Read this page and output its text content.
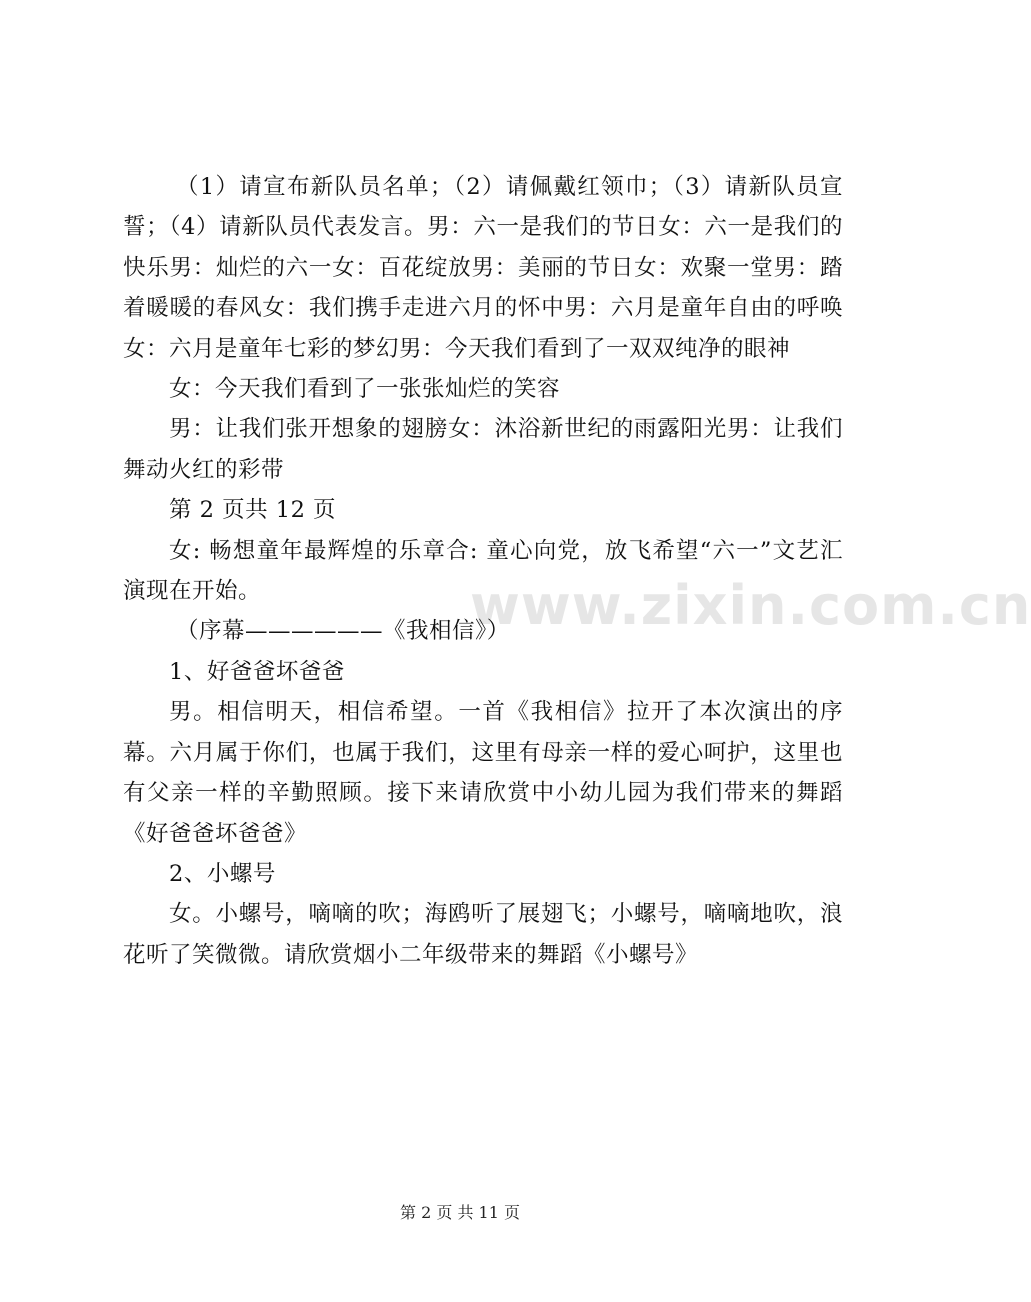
www.zixin.com.cn

（1）请宣布新队员名单；（2）请佩戴红领巾；（3）请新队员宣誓；（4）请新队员代表发言。男：六一是我们的节日女：六一是我们的快乐男：灿烂的六一女：百花绽放男：美丽的节日女：欢聚一堂男：踏着暖暖的春风女：我们携手走进六月的怀中男：六月是童年自由的呼唤女：六月是童年七彩的梦幻男：今天我们看到了一双双纯净的眼神

女：今天我们看到了一张张灿烂的笑容

男：让我们张开想象的翅膀女：沐浴新世纪的雨露阳光男：让我们舞动火红的彩带

第 2 页共 12 页

女: 畅想童年最辉煌的乐章合: 童心向党，放飞希望“六一”文艺汇演现在开始。

（序幕——————《我相信》）

1、好爸爸坏爸爸

男。相信明天，相信希望。一首《我相信》拉开了本次演出的序幕。六月属于你们，也属于我们，这里有母亲一样的爱心呵护，这里也有父亲一样的辛勤照顾。接下来请欣赏中小幼儿园为我们带来的舞蹈《好爸爸坏爸爸》

2、小螺号

女。小螺号，嘀嘀的吹；海鸥听了展翅飞；小螺号，嘀嘀地吹，浪花听了笑微微。请欣赏烟小二年级带来的舞蹈《小螺号》

第 2 页 共 11 页
